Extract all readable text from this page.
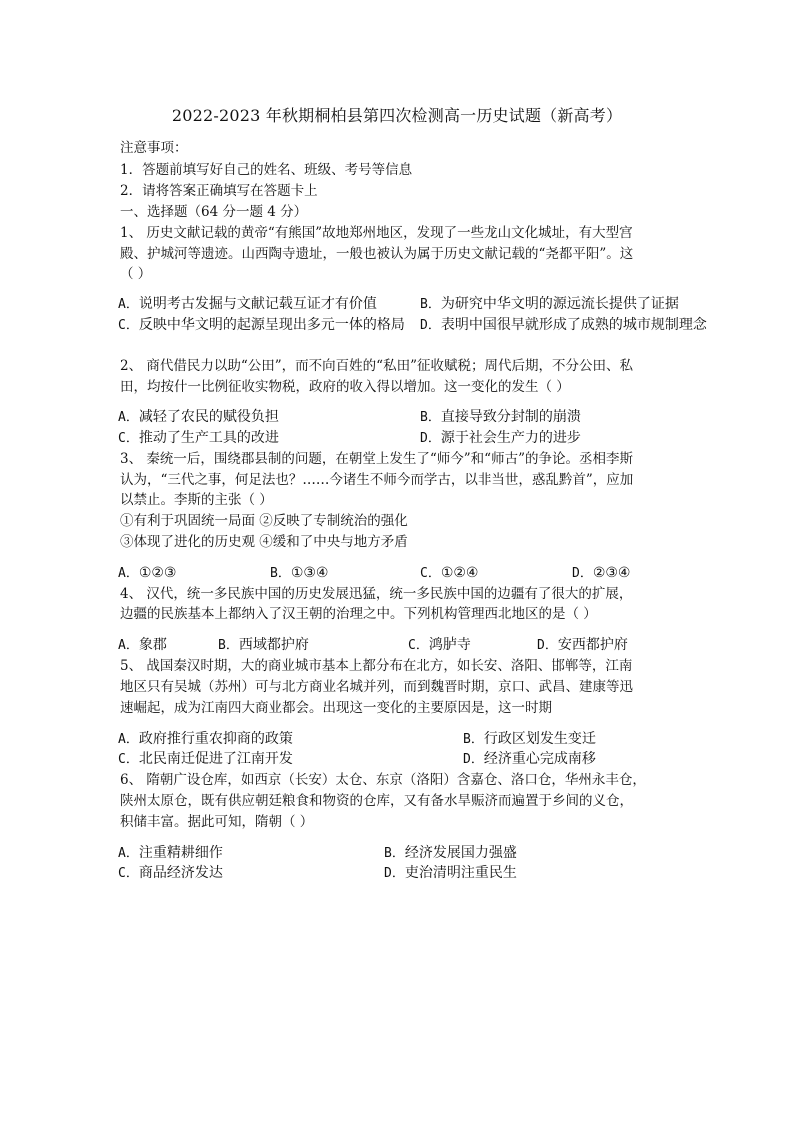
2022-2023 年秋期桐柏县第四次检测高一历史试题（新高考）
注意事项：
1．答题前填写好自己的姓名、班级、考号等信息
2．请将答案正确填写在答题卡上
一、选择题（64 分一题 4 分）
1、 历史文献记载的黄帝“有熊国”故地郑州地区，发现了一些龙山文化城址，有大型宫
殿、护城河等遗迹。山西陶寺遗址，一般也被认为属于历史文献记载的“尧都平阳”。这
（ ）
A．说明考古发掘与文献记载互证才有价值	B．为研究中华文明的源远流长提供了证据
C．反映中华文明的起源呈现出多元一体的格局	D．表明中国很早就形成了成熟的城市规制理念
2、 商代借民力以助“公田”，而不向百姓的“私田”征收赋税；周代后期，不分公田、私
田，均按什一比例征收实物税，政府的收入得以增加。这一变化的发生（ ）
A．减轻了农民的赋役负担	B．直接导致分封制的崩溃
C．推动了生产工具的改进	D．源于社会生产力的进步
3、 秦统一后，围绕郡县制的问题，在朝堂上发生了“师今”和“师古”的争论。丞相李斯
认为，“三代之事，何足法也？……今诸生不师今而学古，以非当世，惑乱黔首”，应加
以禁止。李斯的主张（ ）
①有利于巩固统一局面 ②反映了专制统治的强化
③体现了进化的历史观 ④缓和了中央与地方矛盾
A．①②③	B．①③④	C．①②④	D．②③④
4、 汉代，统一多民族中国的历史发展迅猛，统一多民族中国的边疆有了很大的扩展，
边疆的民族基本上都纳入了汉王朝的治理之中。下列机构管理西北地区的是（ ）
A．象郡	B．西域都护府	C．鸿胪寺	D．安西都护府
5、 战国秦汉时期，大的商业城市基本上都分布在北方，如长安、洛阳、邯郸等，江南
地区只有吴城（苏州）可与北方商业名城并列，而到魏晋时期，京口、武昌、建康等迅
速崛起，成为江南四大商业都会。出现这一变化的主要原因是，这一时期
A．政府推行重农抑商的政策	B．行政区划发生变迁
C．北民南迁促进了江南开发	D．经济重心完成南移
6、 隋朝广设仓库，如西京（长安）太仓、东京（洛阳）含嘉仓、洛口仓，华州永丰仓，
陕州太原仓，既有供应朝廷粮食和物资的仓库，又有备水旱赈济而遍置于乡间的义仓，
积储丰富。据此可知，隋朝（ ）
A．注重精耕细作	B．经济发展国力强盛
C．商品经济发达	D．吏治清明注重民生
